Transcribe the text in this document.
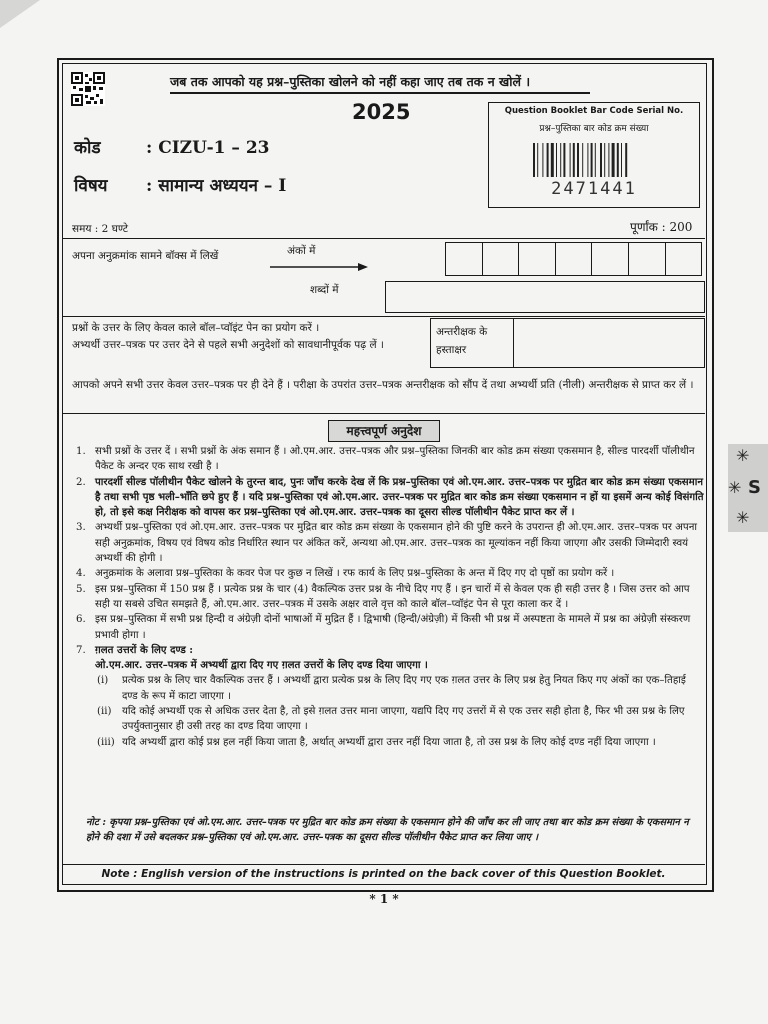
जब तक आपको यह प्रश्न–पुस्तिका खोलने को नहीं कहा जाए तब तक न खोलें ।
2025	Question Booklet Bar Code Serial No.
प्रश्न–पुस्तिका बार कोड क्रम संख्या
2471441
कोड	: CIZU-1 – 23
विषय : सामान्य अध्ययन – I
समय : 2 घण्टे	पूर्णांक : 200
अपना अनुक्रमांक सामने बॉक्स में लिखें	अंकों में
शब्दों में
प्रश्नों के उत्तर के लिए केवल काले बॉल–प्वॉइंट पेन का प्रयोग करें ।
अभ्यर्थी उत्तर–पत्रक पर उत्तर देने से पहले सभी अनुदेशों को सावधानीपूर्वक पढ़ लें ।
अन्तरीक्षक के हस्ताक्षर
आपको अपने सभी उत्तर केवल उत्तर–पत्रक पर ही देने हैं । परीक्षा के उपरांत उत्तर–पत्रक अन्तरीक्षक को सौंप दें तथा अभ्यर्थी प्रति (नीली) अन्तरीक्षक से प्राप्त कर लें ।
महत्त्वपूर्ण अनुदेश
1. सभी प्रश्नों के उत्तर दें । सभी प्रश्नों के अंक समान हैं । ओ.एम.आर. उत्तर–पत्रक और प्रश्न–पुस्तिका जिनकी बार कोड क्रम संख्या एकसमान है, सील्ड पारदर्शी पॉलीथीन पैकेट के अन्दर एक साथ रखी है ।
2. पारदर्शी सील्ड पॉलीथीन पैकेट खोलने के तुरन्त बाद, पुनः जाँच करके देख लें कि प्रश्न–पुस्तिका एवं ओ.एम.आर. उत्तर–पत्रक पर मुद्रित बार कोड क्रम संख्या एकसमान है तथा सभी पृष्ठ भली–भाँति छपे हुए हैं । यदि प्रश्न–पुस्तिका एवं ओ.एम.आर. उत्तर–पत्रक पर मुद्रित बार कोड क्रम संख्या एकसमान न हों या इसमें अन्य कोई विसंगति हो, तो इसे कक्ष निरीक्षक को वापस कर प्रश्न–पुस्तिका एवं ओ.एम.आर. उत्तर–पत्रक का दूसरा सील्ड पॉलीथीन पैकेट प्राप्त कर लें ।
3. अभ्यर्थी प्रश्न–पुस्तिका एवं ओ.एम.आर. उत्तर–पत्रक पर मुद्रित बार कोड क्रम संख्या के एकसमान होने की पुष्टि करने के उपरान्त ही ओ.एम.आर. उत्तर–पत्रक पर अपना सही अनुक्रमांक, विषय एवं विषय कोड निर्धारित स्थान पर अंकित करें, अन्यथा ओ.एम.आर. उत्तर–पत्रक का मूल्यांकन नहीं किया जाएगा और उसकी जिम्मेदारी स्वयं अभ्यर्थी की होगी ।
4. अनुक्रमांक के अलावा प्रश्न–पुस्तिका के कवर पेज पर कुछ न लिखें । रफ कार्य के लिए प्रश्न–पुस्तिका के अन्त में दिए गए दो पृष्ठों का प्रयोग करें ।
5. इस प्रश्न–पुस्तिका में 150 प्रश्न हैं । प्रत्येक प्रश्न के चार (4) वैकल्पिक उत्तर प्रश्न के नीचे दिए गए हैं । इन चारों में से केवल एक ही सही उत्तर है । जिस उत्तर को आप सही या सबसे उचित समझते हैं, ओ.एम.आर. उत्तर–पत्रक में उसके अक्षर वाले वृत्त को काले बॉल–प्वॉइंट पेन से पूरा काला कर दें ।
6. इस प्रश्न–पुस्तिका में सभी प्रश्न हिन्दी व अंग्रेज़ी दोनों भाषाओं में मुद्रित हैं । द्विभाषी (हिन्दी/अंग्रेज़ी) में किसी भी प्रश्न में अस्पष्टता के मामले में प्रश्न का अंग्रेज़ी संस्करण प्रभावी होगा ।
7. ग़लत उत्तरों के लिए दण्ड :
ओ.एम.आर. उत्तर–पत्रक में अभ्यर्थी द्वारा दिए गए ग़लत उत्तरों के लिए दण्ड दिया जाएगा ।
(i) प्रत्येक प्रश्न के लिए चार वैकल्पिक उत्तर हैं । अभ्यर्थी द्वारा प्रत्येक प्रश्न के लिए दिए गए एक ग़लत उत्तर के लिए प्रश्न हेतु नियत किए गए अंकों का एक–तिहाई दण्ड के रूप में काटा जाएगा ।
(ii) यदि कोई अभ्यर्थी एक से अधिक उत्तर देता है, तो इसे ग़लत उत्तर माना जाएगा, यद्यपि दिए गए उत्तरों में से एक उत्तर सही होता है, फिर भी उस प्रश्न के लिए उपर्युक्तानुसार ही उसी तरह का दण्ड दिया जाएगा ।
(iii) यदि अभ्यर्थी द्वारा कोई प्रश्न हल नहीं किया जाता है, अर्थात् अभ्यर्थी द्वारा उत्तर नहीं दिया जाता है, तो उस प्रश्न के लिए कोई दण्ड नहीं दिया जाएगा ।
नोट : कृपया प्रश्न–पुस्तिका एवं ओ.एम.आर. उत्तर–पत्रक पर मुद्रित बार कोड क्रम संख्या के एकसमान होने की जाँच कर ली जाए तथा बार कोड क्रम संख्या के एकसमान न होने की दशा में उसे बदलकर प्रश्न–पुस्तिका एवं ओ.एम.आर. उत्तर–पत्रक का दूसरा सील्ड पॉलीथीन पैकेट प्राप्त कर लिया जाए ।
Note : English version of the instructions is printed on the back cover of this Question Booklet.
* 1 *
✳
✳ S
✳
